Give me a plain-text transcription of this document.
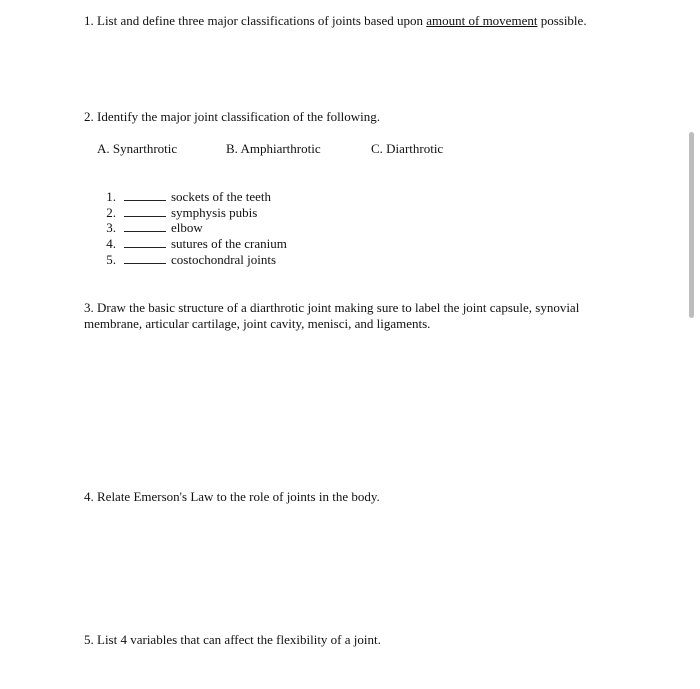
1. List and define three major classifications of joints based upon amount of movement possible.
2. Identify the major joint classification of the following.
A. Synarthrotic	B. Amphiarthrotic	C. Diarthrotic
1.	sockets of the teeth
2.	symphysis pubis
3.	elbow
4.	sutures of the cranium
5.	costochondral joints
3. Draw the basic structure of a diarthrotic joint making sure to label the joint capsule, synovial
membrane, articular cartilage, joint cavity, menisci, and ligaments.
4. Relate Emerson's Law to the role of joints in the body.
5. List 4 variables that can affect the flexibility of a joint.
